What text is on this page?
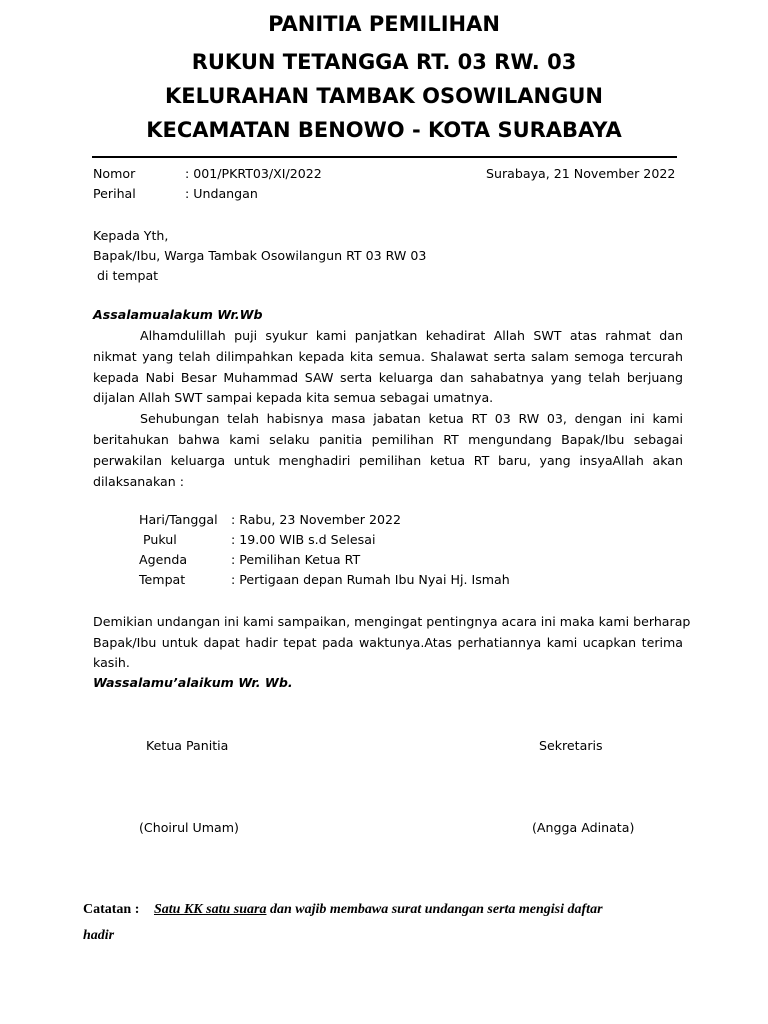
PANITIA PEMILIHAN
RUKUN TETANGGA RT. 03 RW. 03
KELURAHAN TAMBAK OSOWILANGUN
KECAMATAN BENOWO - KOTA SURABAYA
Nomor	: 001/PKRT03/XI/2022	Surabaya, 21 November 2022
Perihal	: Undangan
Kepada Yth,
Bapak/Ibu, Warga Tambak Osowilangun RT 03 RW 03
di tempat
Assalamualakum Wr.Wb
Alhamdulillah puji syukur kami panjatkan kehadirat Allah SWT atas rahmat dan
nikmat yang telah dilimpahkan kepada kita semua. Shalawat serta salam semoga tercurah
kepada Nabi Besar Muhammad SAW serta keluarga dan sahabatnya yang telah berjuang
dijalan Allah SWT sampai kepada kita semua sebagai umatnya.
Sehubungan telah habisnya masa jabatan ketua RT 03 RW 03, dengan ini kami
beritahukan bahwa kami selaku panitia pemilihan RT mengundang Bapak/Ibu sebagai
perwakilan keluarga untuk menghadiri pemilihan ketua RT baru, yang insyaAllah akan
dilaksanakan :
Hari/Tanggal : Rabu, 23 November 2022
Pukul	: 19.00 WIB s.d Selesai
Agenda	: Pemilihan Ketua RT
Tempat	: Pertigaan depan Rumah Ibu Nyai Hj. Ismah
Demikian undangan ini kami sampaikan, mengingat pentingnya acara ini maka kami berharap
Bapak/Ibu untuk dapat hadir tepat pada waktunya.Atas perhatiannya kami ucapkan terima
kasih.
Wassalamu’alaikum Wr. Wb.
Ketua Panitia	Sekretaris
(Choirul Umam)	(Angga Adinata)
Catatan : Satu KK satu suara dan wajib membawa surat undangan serta mengisi daftar
hadir
